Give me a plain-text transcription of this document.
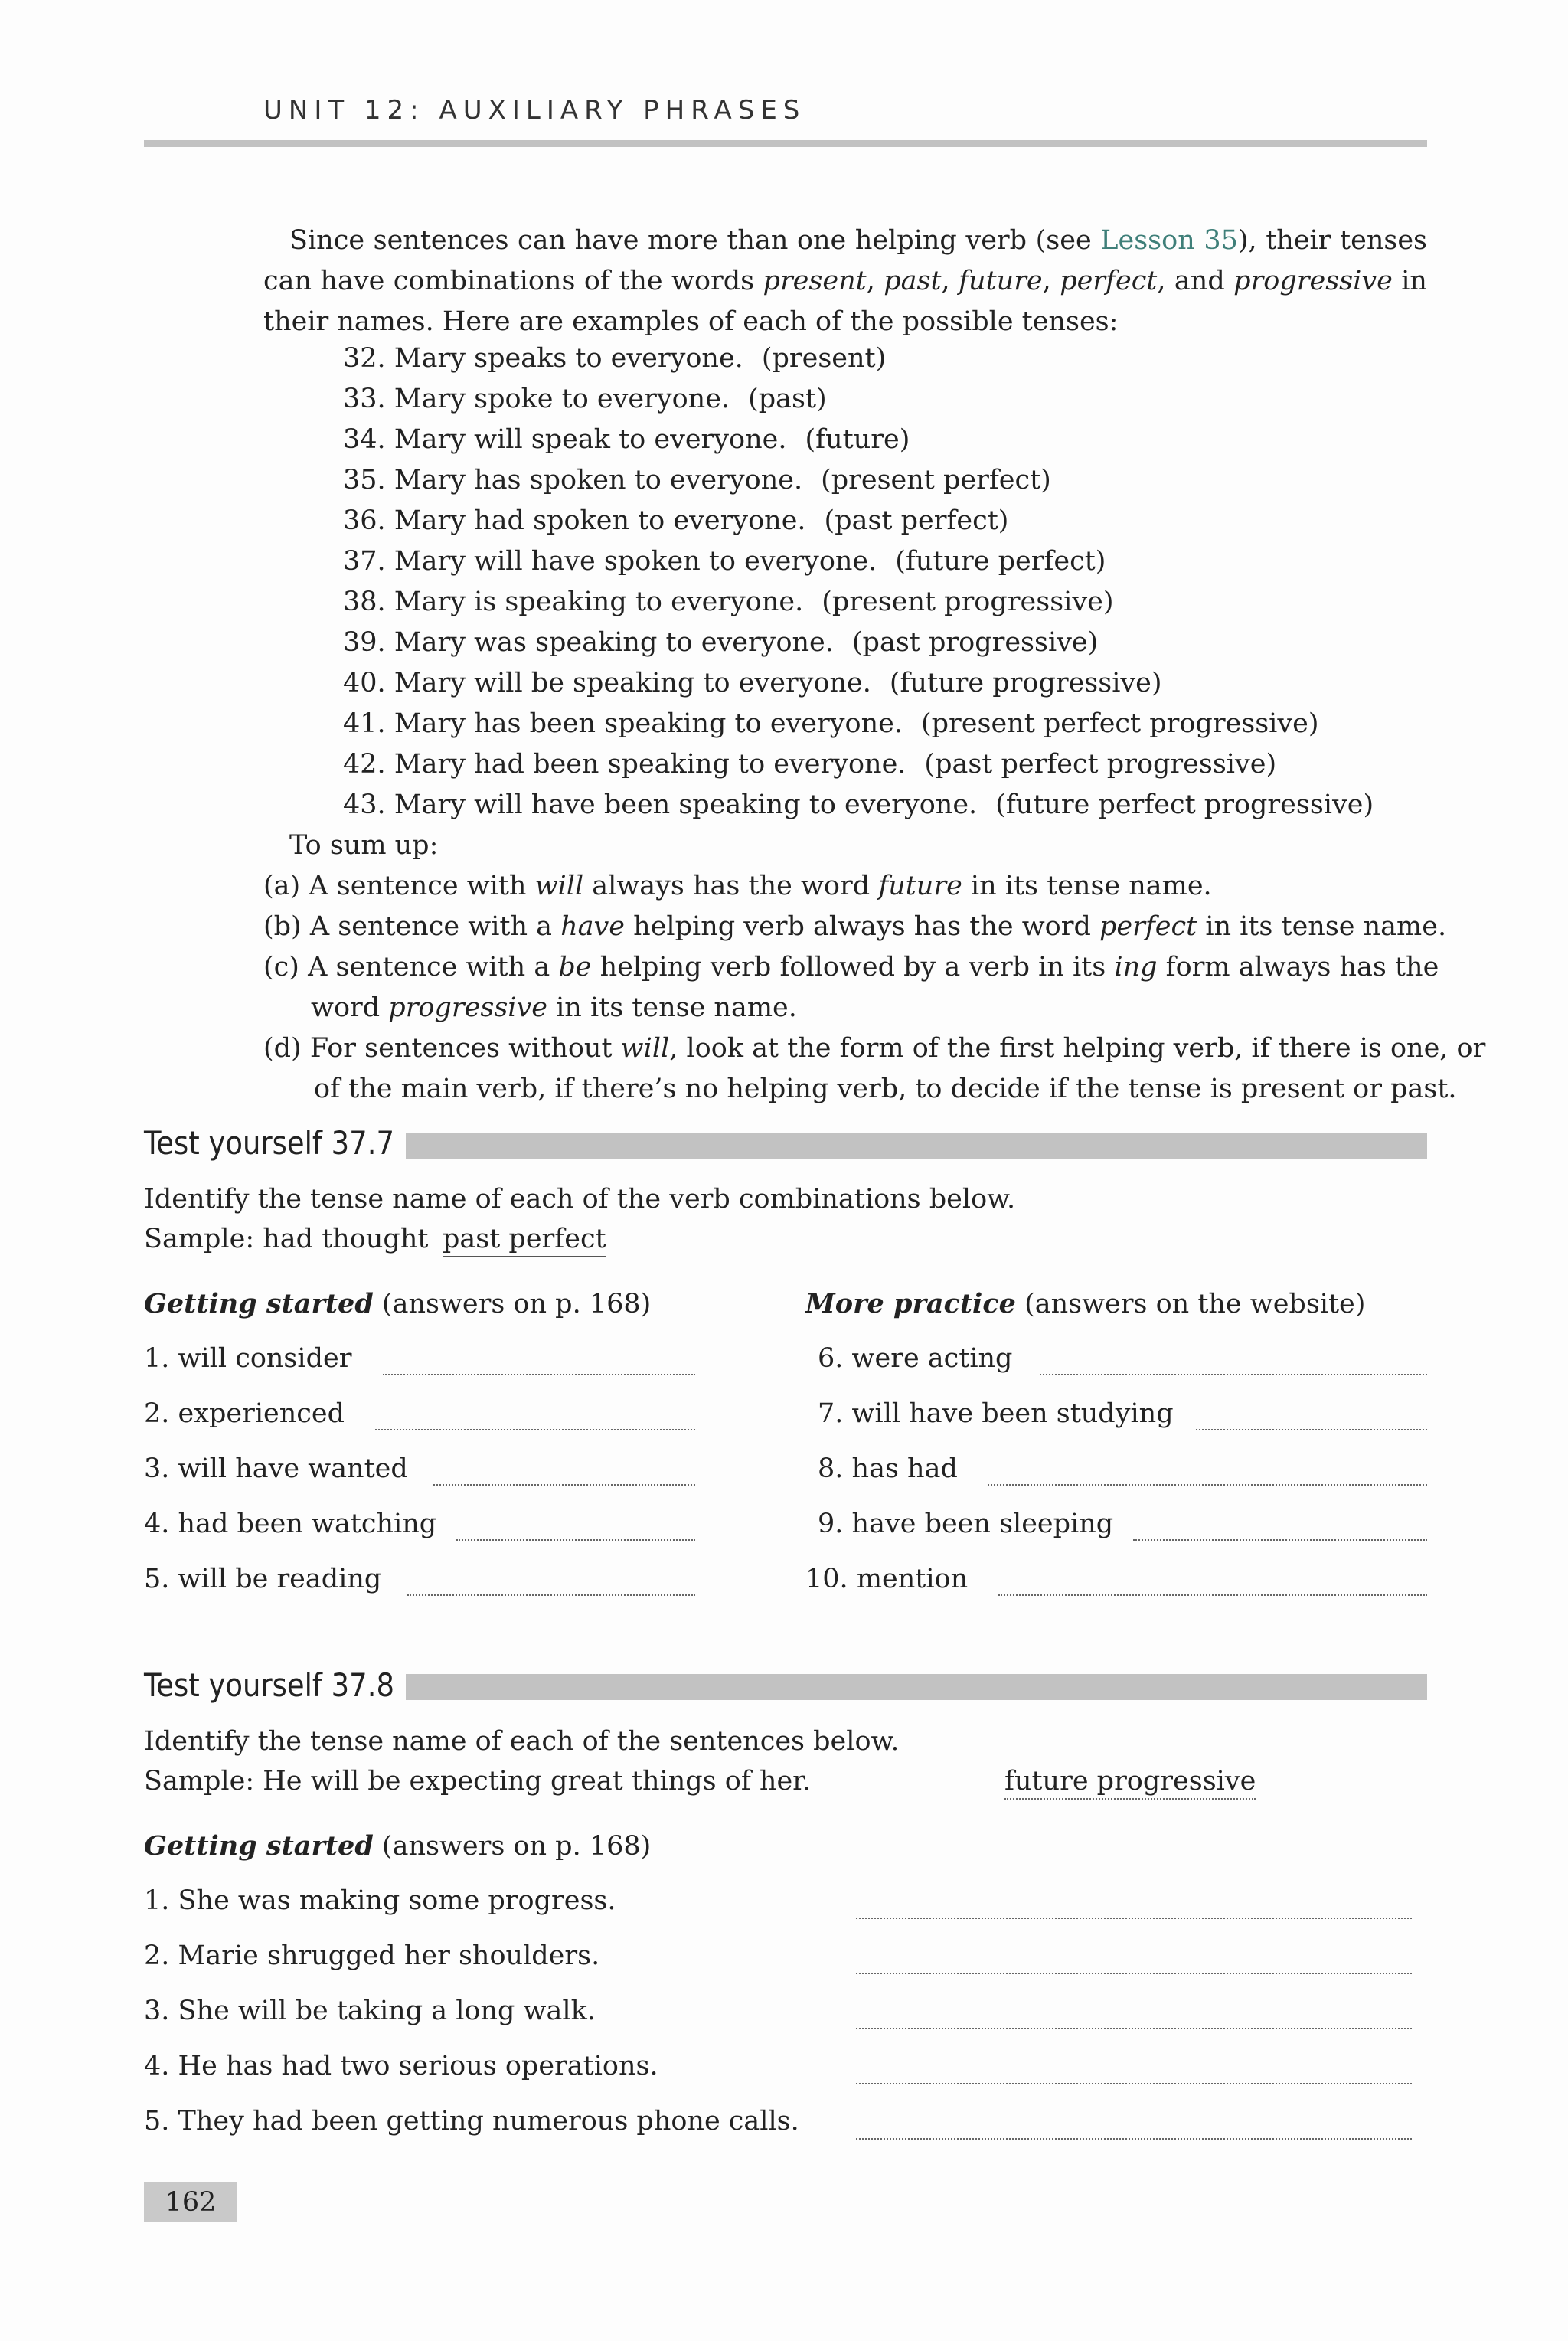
UNIT 12: AUXILIARY PHRASES
Since sentences can have more than one helping verb (see Lesson 35), their tenses can have combinations of the words present, past, future, perfect, and progressive in their names. Here are examples of each of the possible tenses:
32. Mary speaks to everyone. (present)
33. Mary spoke to everyone. (past)
34. Mary will speak to everyone. (future)
35. Mary has spoken to everyone. (present perfect)
36. Mary had spoken to everyone. (past perfect)
37. Mary will have spoken to everyone. (future perfect)
38. Mary is speaking to everyone. (present progressive)
39. Mary was speaking to everyone. (past progressive)
40. Mary will be speaking to everyone. (future progressive)
41. Mary has been speaking to everyone. (present perfect progressive)
42. Mary had been speaking to everyone. (past perfect progressive)
43. Mary will have been speaking to everyone. (future perfect progressive)
To sum up:
(a) A sentence with will always has the word future in its tense name.
(b) A sentence with a have helping verb always has the word perfect in its tense name.
(c) A sentence with a be helping verb followed by a verb in its ing form always has the
word progressive in its tense name.
(d) For sentences without will, look at the form of the first helping verb, if there is one, or
of the main verb, if there’s no helping verb, to decide if the tense is present or past.
Test yourself 37.7
Identify the tense name of each of the verb combinations below.
Sample: had thought past perfect
Getting started (answers on p. 168)	More practice (answers on the website)
1. will consider
2. experienced
3. will have wanted
4. had been watching
5. will be reading
6. were acting
7. will have been studying
8. has had
9. have been sleeping
10. mention
Test yourself 37.8
Identify the tense name of each of the sentences below.
Sample: He will be expecting great things of her.	future progressive
Getting started (answers on p. 168)
1. She was making some progress.
2. Marie shrugged her shoulders.
3. She will be taking a long walk.
4. He has had two serious operations.
5. They had been getting numerous phone calls.
162
